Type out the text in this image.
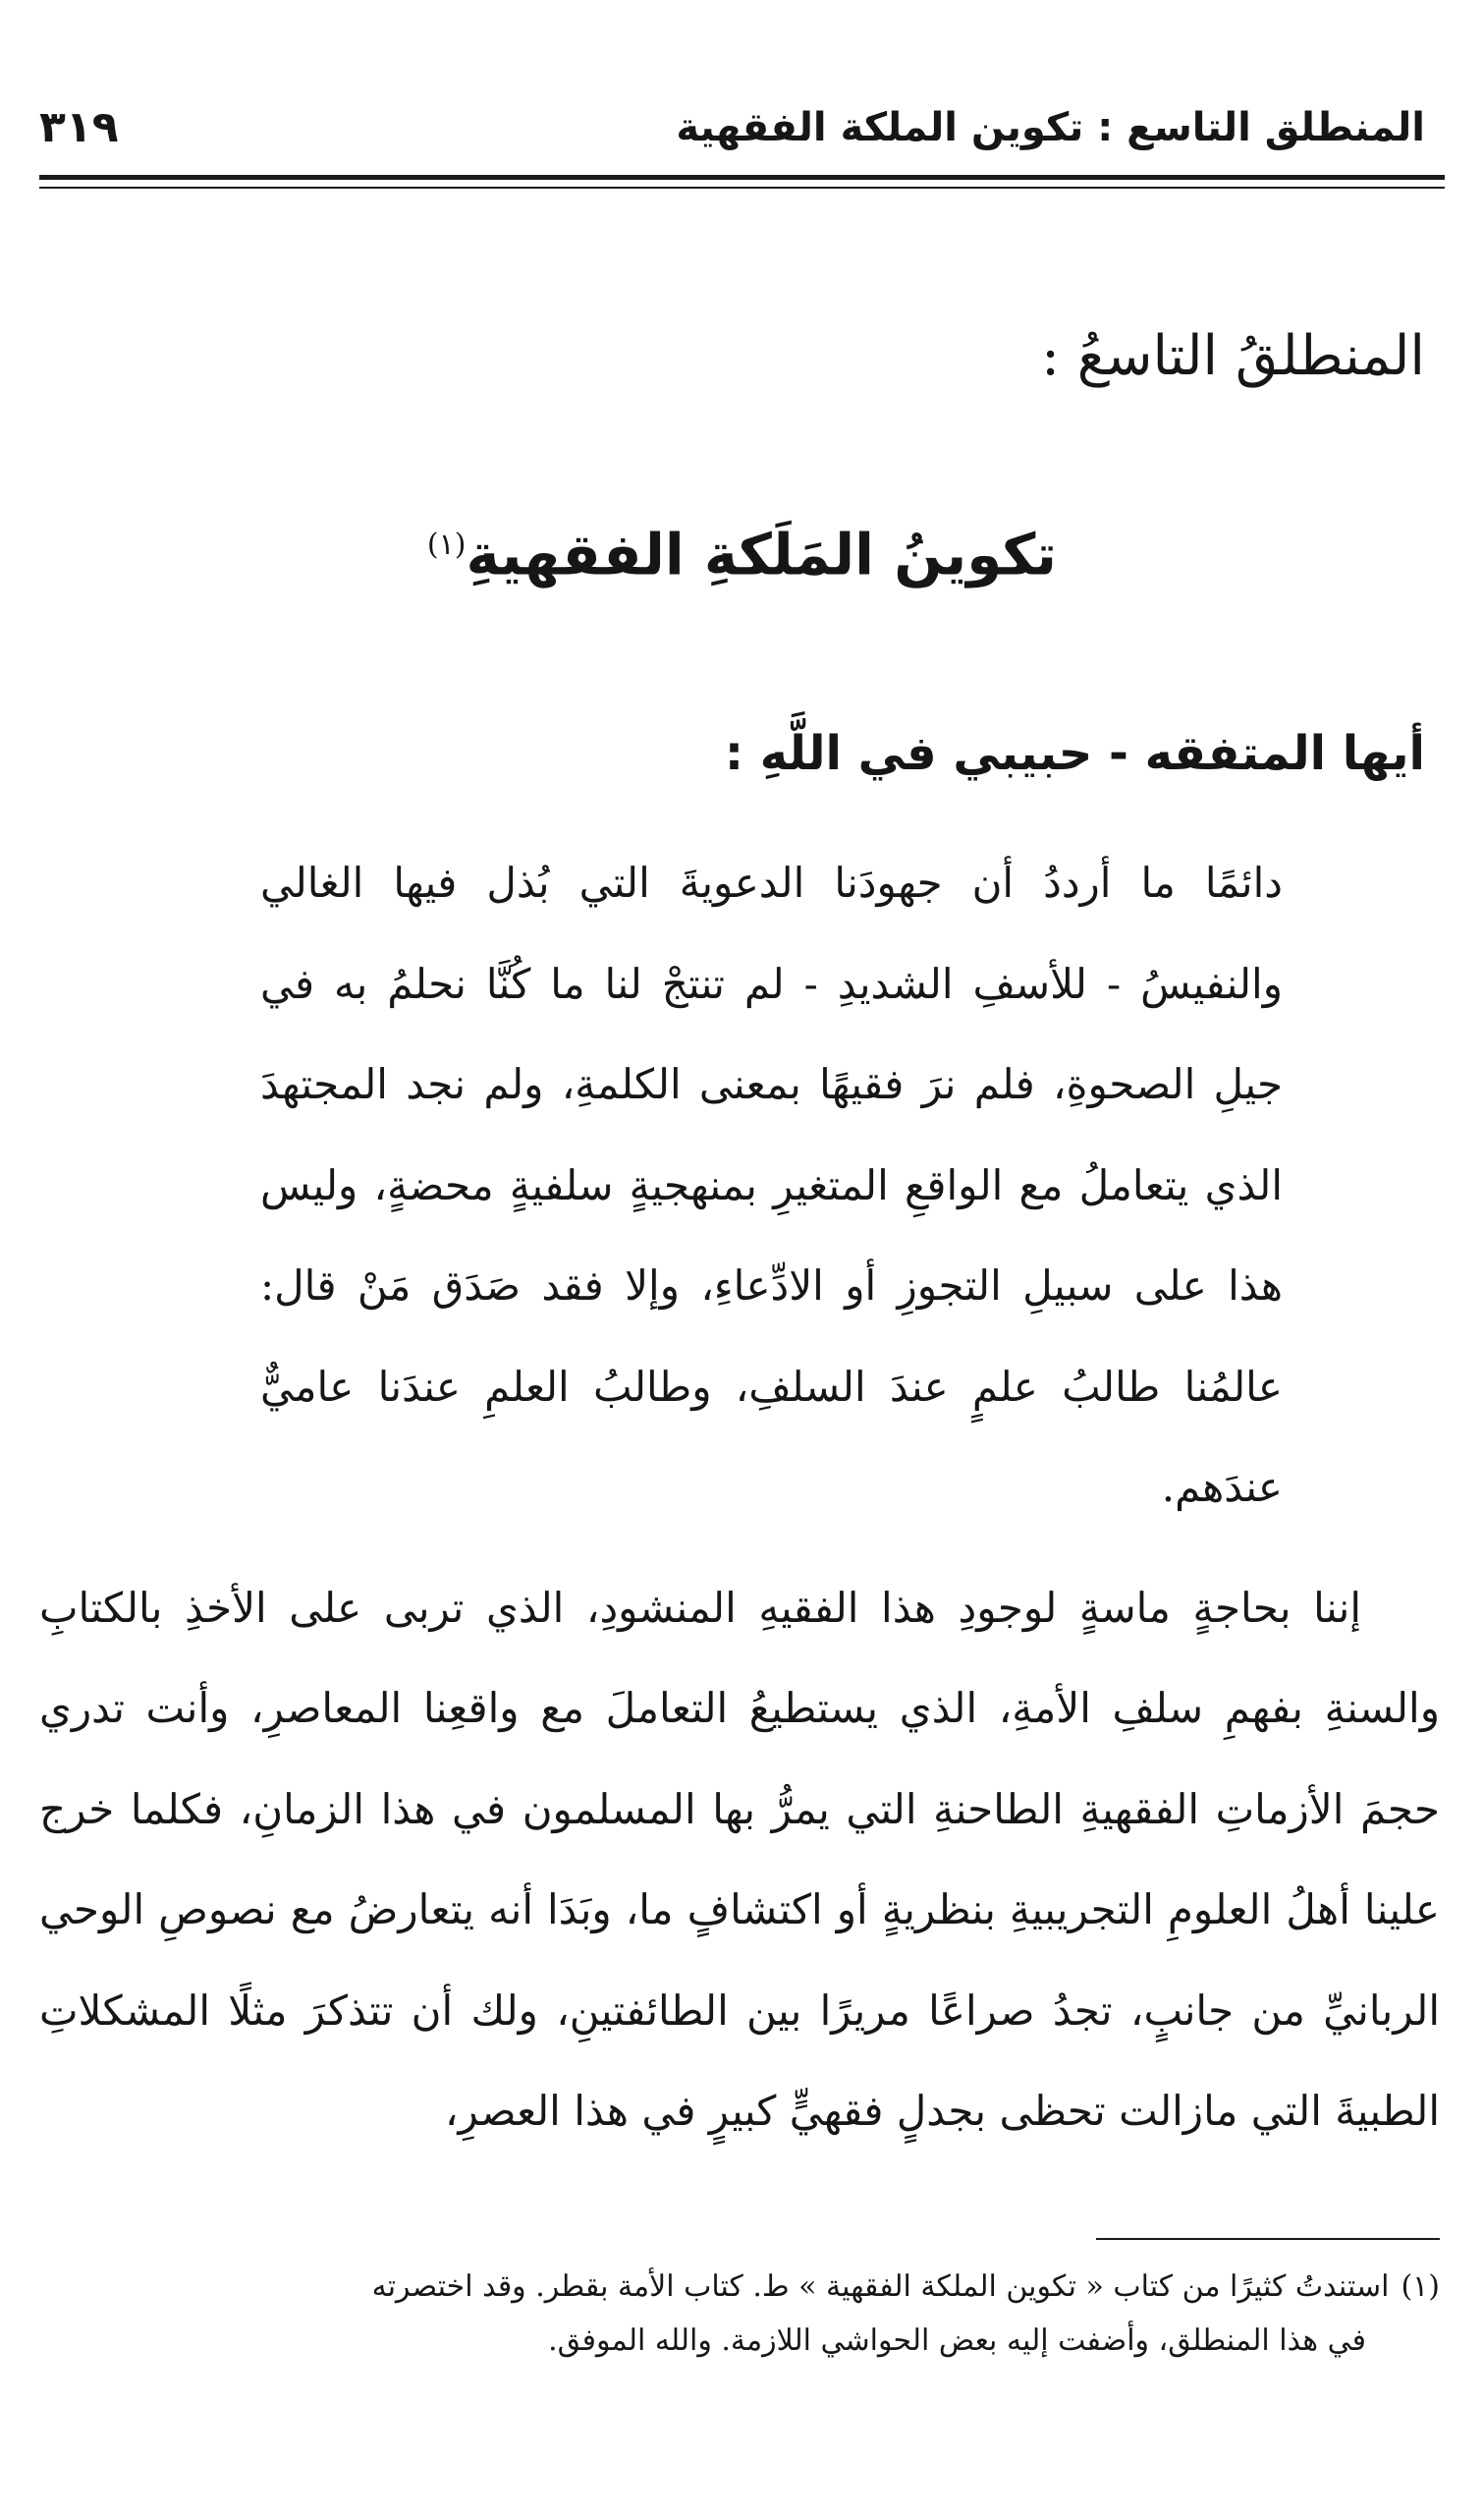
المنطلق التاسع : تكوين الملكة الفقهية
٣١٩
المنطلقُ التاسعُ :
تكوينُ المَلَكةِ الفقهيةِ$^{(١)}$
أيها المتفقه - حبيبي في اللَّهِ :

دائمًا ما أرددُ أن جهودَنا الدعويةَ التي بُذل فيها الغالي والنفيسُ - للأسفِ الشديدِ - لم تنتجْ لنا ما كُنَّا نحلمُ به في جيلِ الصحوةِ، فلم نرَ فقيهًا بمعنى الكلمةِ، ولم نجد المجتهدَ الذي يتعاملُ مع الواقعِ المتغيرِ بمنهجيةٍ سلفيةٍ محضةٍ، وليس هذا على سبيلِ التجوزِ أو الادِّعاءِ، وإلا فقد صَدَق مَنْ قال: عالمُنا طالبُ علمٍ عندَ السلفِ، وطالبُ العلمِ عندَنا عاميٌّ عندَهم.

إننا بحاجةٍ ماسةٍ لوجودِ هذا الفقيهِ المنشودِ، الذي تربى على الأخذِ بالكتابِ والسنةِ بفهمِ سلفِ الأمةِ، الذي يستطيعُ التعاملَ مع واقعِنا المعاصرِ، وأنت تدري حجمَ الأزماتِ الفقهيةِ الطاحنةِ التي يمرُّ بها المسلمون في هذا الزمانِ، فكلما خرج علينا أهلُ العلومِ التجريبيةِ بنظريةٍ أو اكتشافٍ ما، وبَدَا أنه يتعارضُ مع نصوصِ الوحي الربانيِّ من جانبٍ، تجدُ صراعًا مريرًا بين الطائفتينِ، ولك أن تتذكرَ مثلًا المشكلاتِ الطبيةَ التي مازالت تحظى بجدلٍ فقهيٍّ كبيرٍ في هذا العصرِ،

(١)استندتُ كثيرًا من كتاب « تكوين الملكة الفقهية » ط. كتاب الأمة بقطر. وقد اختصرته
في هذا المنطلق، وأضفت إليه بعض الحواشي اللازمة. والله الموفق.
